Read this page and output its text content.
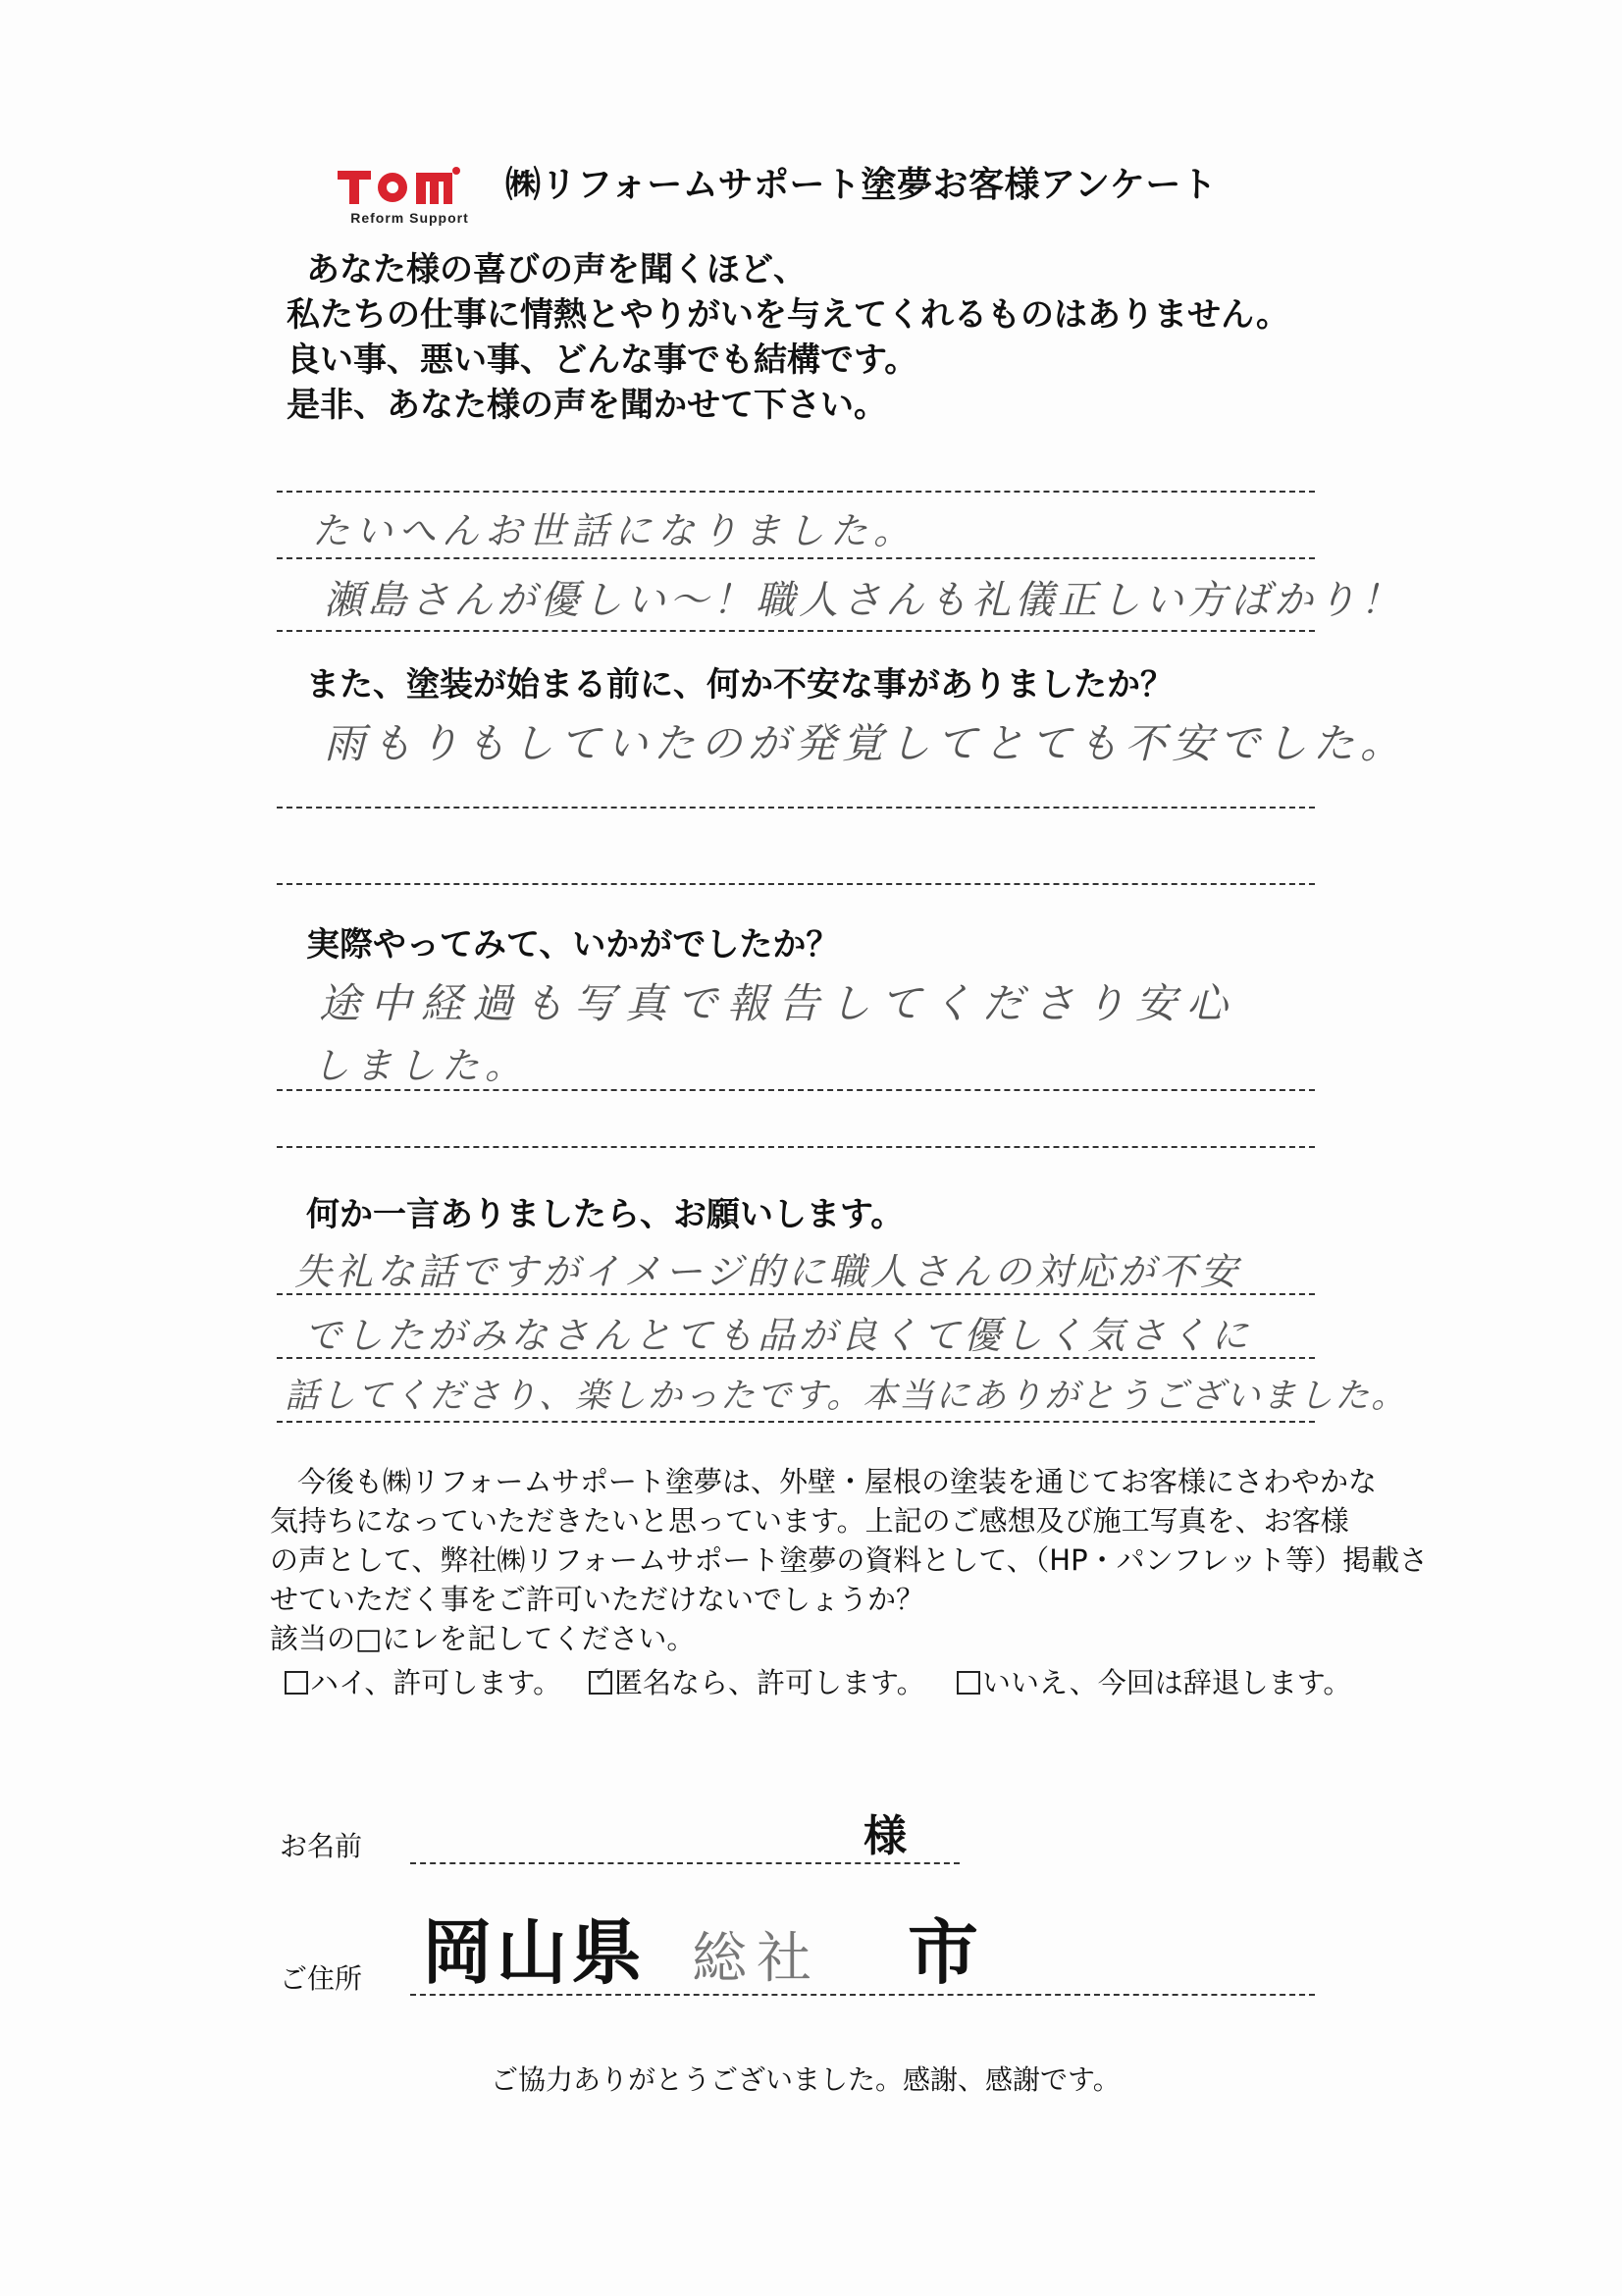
Reform Support
㈱リフォームサポート塗夢お客様アンケート
あなた様の喜びの声を聞くほど、
私たちの仕事に情熱とやりがいを与えてくれるものはありません。
良い事、悪い事、どんな事でも結構です。
是非、あなた様の声を聞かせて下さい。
たいへんお世話になりました。
瀬島さんが優しい〜！職人さんも礼儀正しい方ばかり！
また、塗装が始まる前に、何か不安な事がありましたか？
雨もりもしていたのが発覚してとても不安でした。
実際やってみて、いかがでしたか？
途中経過も写真で報告してくださり安心
しました。
何か一言ありましたら、お願いします。
失礼な話ですがイメージ的に職人さんの対応が不安
でしたがみなさんとても品が良くて優しく気さくに
話してくださり、楽しかったです。本当にありがとうございました。
今後も㈱リフォームサポート塗夢は、外壁・屋根の塗装を通じてお客様にさわやかな
気持ちになっていただきたいと思っています。上記のご感想及び施工写真を、お客様
の声として、弊社㈱リフォームサポート塗夢の資料として、（HP・パンフレット等）掲載さ
せていただく事をご許可いただけないでしょうか？
該当の□にレを記してください。
ハイ、許可します。 ✓ 匿名なら、許可します。	いいえ、今回は辞退します。
お名前	様
ご住所 岡山県 総社 市
ご協力ありがとうございました。感謝、感謝です。
